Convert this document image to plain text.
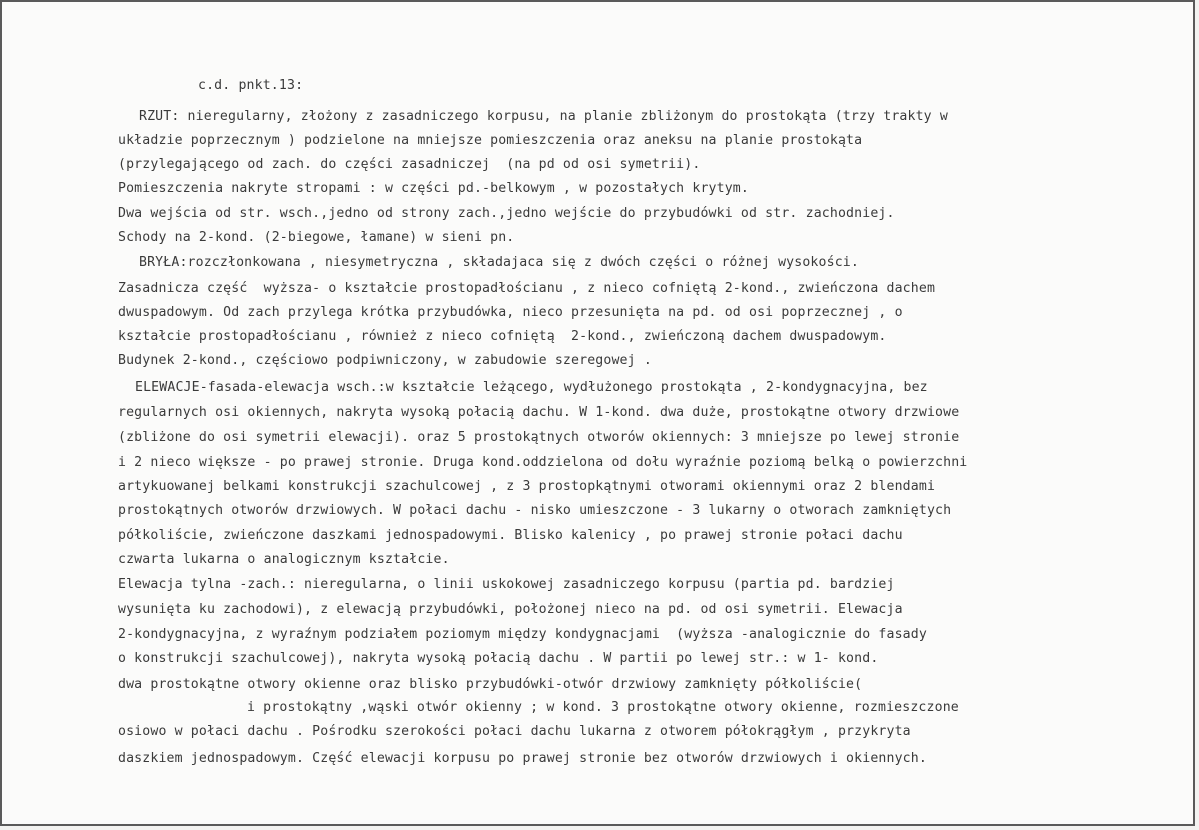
c.d. pnkt.13:
RZUT: nieregularny, złożony z zasadniczego korpusu, na planie zbliżonym do prostokąta (trzy trakty w
układzie poprzecznym ) podzielone na mniejsze pomieszczenia oraz aneksu na planie prostokąta
(przylegającego od zach. do części zasadniczej  (na pd od osi symetrii).
Pomieszczenia nakryte stropami : w części pd.-belkowym , w pozostałych krytym.
Dwa wejścia od str. wsch.,jedno od strony zach.,jedno wejście do przybudówki od str. zachodniej.
Schody na 2-kond. (2-biegowe, łamane) w sieni pn.
BRYŁA:rozczłonkowana , niesymetryczna , składajaca się z dwóch części o różnej wysokości.
Zasadnicza część  wyższa- o kształcie prostopadłościanu , z nieco cofniętą 2-kond., zwieńczona dachem
dwuspadowym. Od zach przylega krótka przybudówka, nieco przesunięta na pd. od osi poprzecznej , o
kształcie prostopadłościanu , również z nieco cofniętą  2-kond., zwieńczoną dachem dwuspadowym.
Budynek 2-kond., częściowo podpiwniczony, w zabudowie szeregowej .
ELEWACJE-fasada-elewacja wsch.:w kształcie leżącego, wydłużonego prostokąta , 2-kondygnacyjna, bez
regularnych osi okiennych, nakryta wysoką połacią dachu. W 1-kond. dwa duże, prostokątne otwory drzwiowe
(zbliżone do osi symetrii elewacji). oraz 5 prostokątnych otworów okiennych: 3 mniejsze po lewej stronie
i 2 nieco większe - po prawej stronie. Druga kond.oddzielona od dołu wyraźnie poziomą belką o powierzchni
artykuowanej belkami konstrukcji szachulcowej , z 3 prostopkątnymi otworami okiennymi oraz 2 blendami
prostokątnych otworów drzwiowych. W połaci dachu - nisko umieszczone - 3 lukarny o otworach zamkniętych
półkoliście, zwieńczone daszkami jednospadowymi. Blisko kalenicy , po prawej stronie połaci dachu
czwarta lukarna o analogicznym kształcie.
Elewacja tylna -zach.: nieregularna, o linii uskokowej zasadniczego korpusu (partia pd. bardziej
wysunięta ku zachodowi), z elewacją przybudówki, położonej nieco na pd. od osi symetrii. Elewacja
2-kondygnacyjna, z wyraźnym podziałem poziomym między kondygnacjami  (wyższa -analogicznie do fasady
o konstrukcji szachulcowej), nakryta wysoką połacią dachu . W partii po lewej str.: w 1- kond.
dwa prostokątne otwory okienne oraz blisko przybudówki-otwór drzwiowy zamknięty półkoliście(
i prostokątny ,wąski otwór okienny ; w kond. 3 prostokątne otwory okienne, rozmieszczone
osiowo w połaci dachu . Pośrodku szerokości połaci dachu lukarna z otworem półokrągłym , przykryta
daszkiem jednospadowym. Część elewacji korpusu po prawej stronie bez otworów drzwiowych i okiennych.
